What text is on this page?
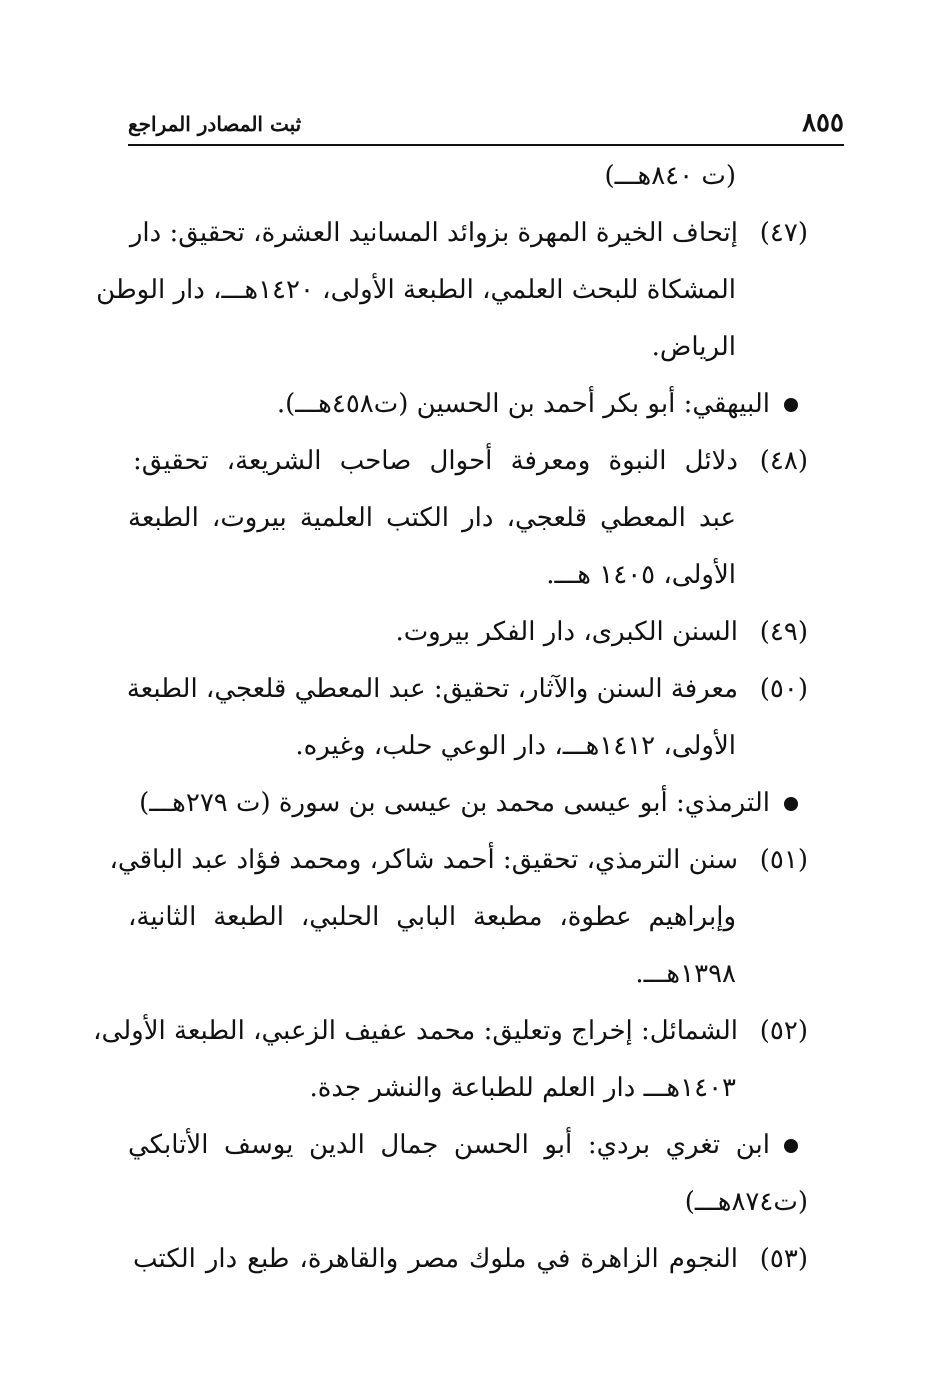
٨٥٥
ثبت المصادر المراجع
(ت ٨٤٠هـــ)
(٤٧)إتحاف الخيرة المهرة بزوائد المسانيد العشرة، تحقيق: دار
المشكاة للبحث العلمي، الطبعة الأولى، ١٤٢٠هـــ، دار الوطن
الرياض.
البيهقي: أبو بكر أحمد بن الحسين (ت٤٥٨هـــ).
(٤٨)دلائل النبوة ومعرفة أحوال صاحب الشريعة، تحقيق:
عبد المعطي قلعجي، دار الكتب العلمية بيروت، الطبعة
الأولى، ١٤٠٥ هـــ.
(٤٩)السنن الكبرى، دار الفكر بيروت.
(٥٠)معرفة السنن والآثار، تحقيق: عبد المعطي قلعجي، الطبعة
الأولى، ١٤١٢هـــ، دار الوعي حلب، وغيره.
الترمذي: أبو عيسى محمد بن عيسى بن سورة (ت ٢٧٩هـــ)
(٥١)سنن الترمذي، تحقيق: أحمد شاكر، ومحمد فؤاد عبد الباقي،
وإبراهيم عطوة، مطبعة البابي الحلبي، الطبعة الثانية،
١٣٩٨هـــ.
(٥٢)الشمائل: إخراج وتعليق: محمد عفيف الزعبي، الطبعة الأولى،
١٤٠٣هـــ دار العلم للطباعة والنشر جدة.
ابن تغري بردي: أبو الحسن جمال الدين يوسف الأتابكي
(ت٨٧٤هـــ)
(٥٣)النجوم الزاهرة في ملوك مصر والقاهرة، طبع دار الكتب
